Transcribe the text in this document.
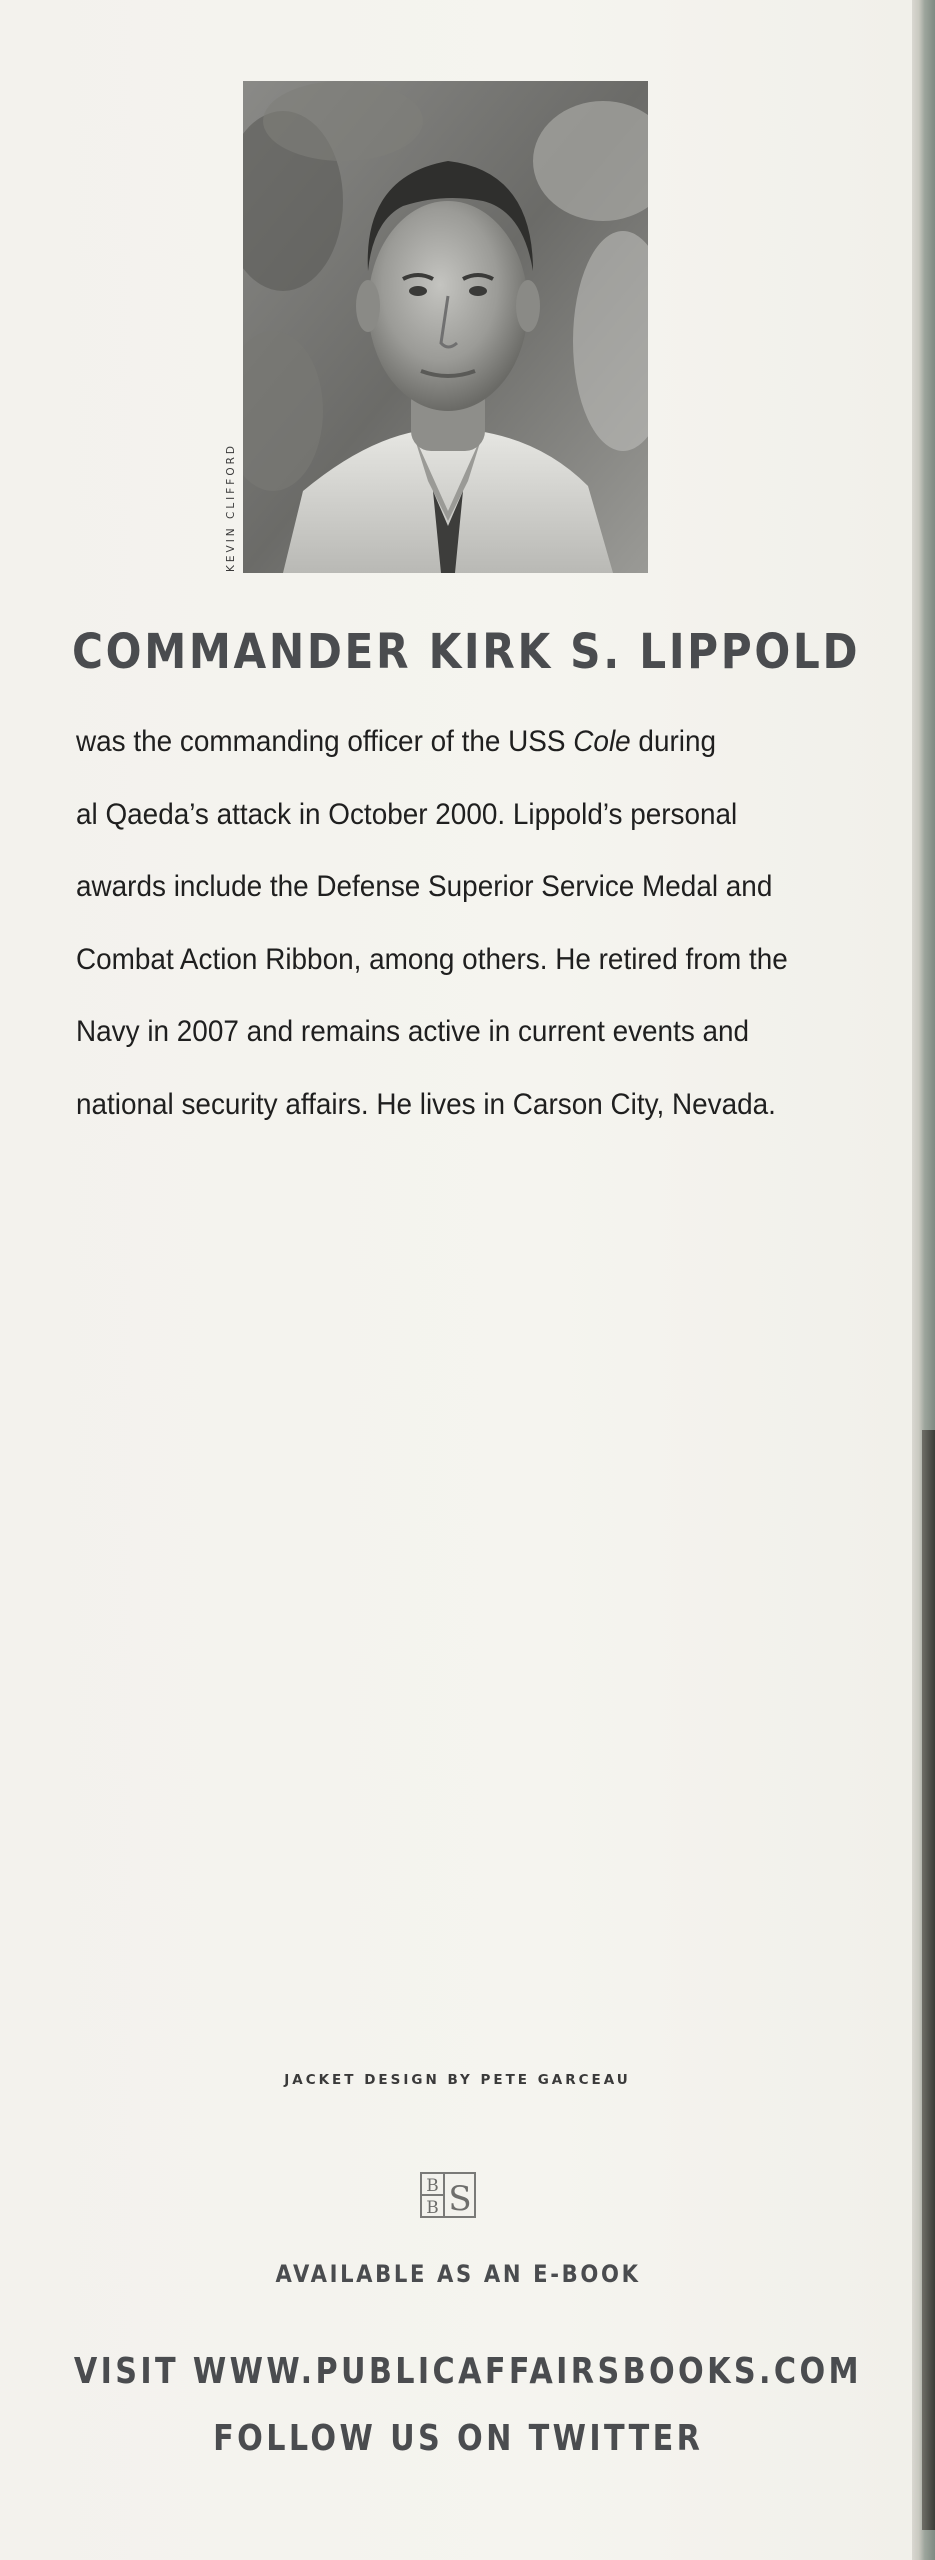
KEVIN CLIFFORD
COMMANDER KIRK S. LIPPOLD
was the commanding officer of the USS Cole during
al Qaeda’s attack in October 2000. Lippold’s personal
awards include the Defense Superior Service Medal and
Combat Action Ribbon, among others. He retired from the
Navy in 2007 and remains active in current events and
national security affairs. He lives in Carson City, Nevada.
JACKET DESIGN BY PETE GARCEAU
B
B S
AVAILABLE AS AN E-BOOK
VISIT WWW.PUBLICAFFAIRSBOOKS.COM
FOLLOW US ON TWITTER
